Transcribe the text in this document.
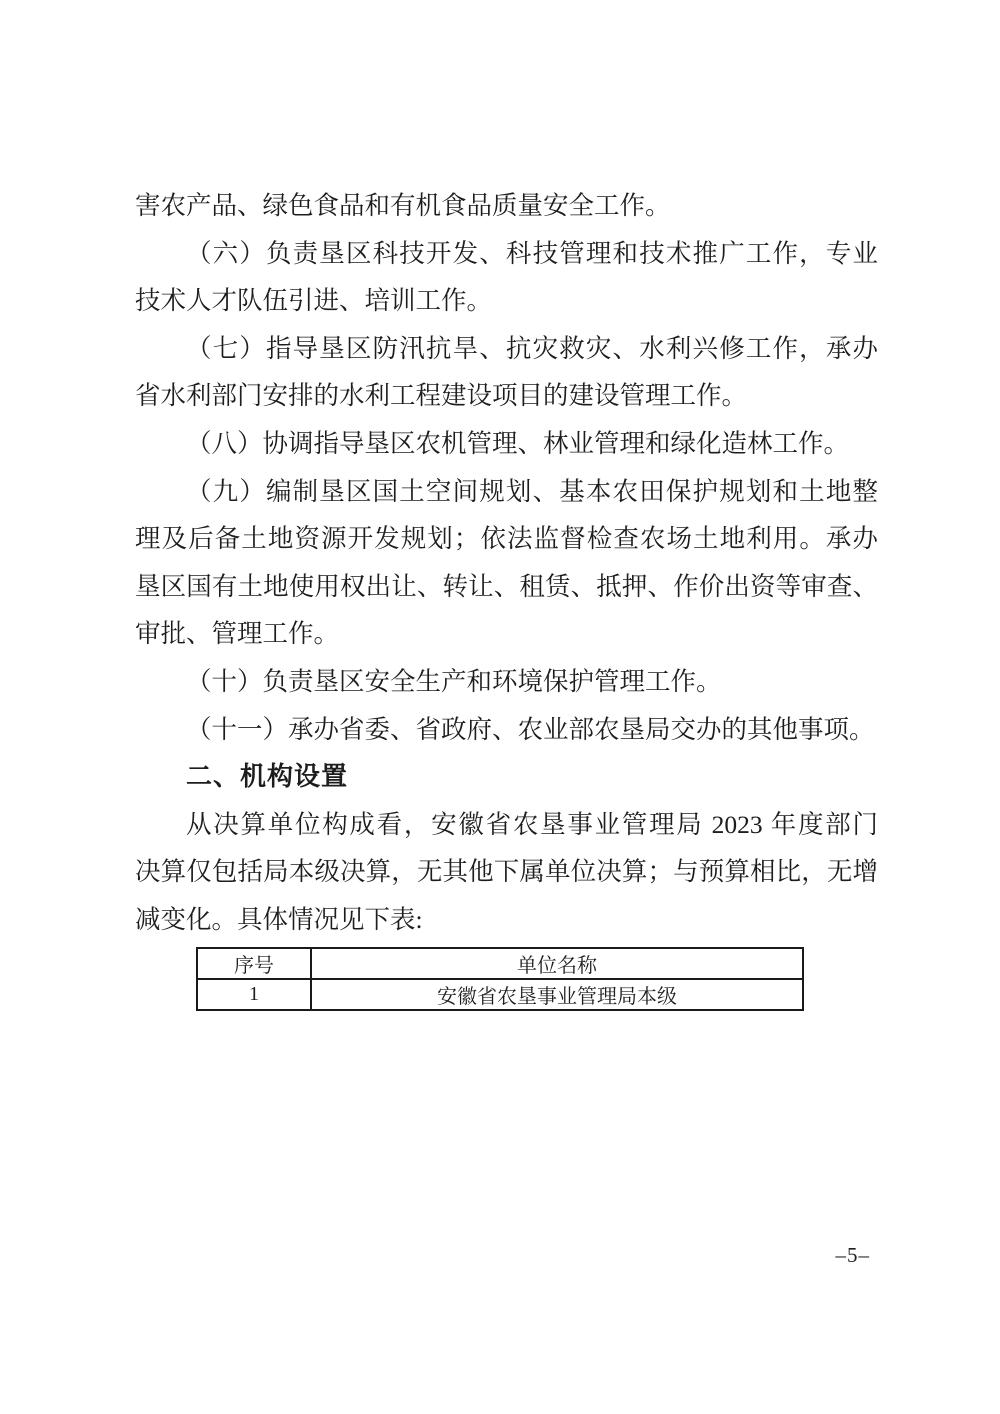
害农产品、绿色食品和有机食品质量安全工作。

（六）负责垦区科技开发、科技管理和技术推广工作，专业

技术人才队伍引进、培训工作。

（七）指导垦区防汛抗旱、抗灾救灾、水利兴修工作，承办

省水利部门安排的水利工程建设项目的建设管理工作。

（八）协调指导垦区农机管理、林业管理和绿化造林工作。

（九）编制垦区国土空间规划、基本农田保护规划和土地整

理及后备土地资源开发规划；依法监督检查农场土地利用。承办

垦区国有土地使用权出让、转让、租赁、抵押、作价出资等审查、

审批、管理工作。

（十）负责垦区安全生产和环境保护管理工作。

（十一）承办省委、省政府、农业部农垦局交办的其他事项。

二、机构设置

从决算单位构成看，安徽省农垦事业管理局 2023 年度部门

决算仅包括局本级决算，无其他下属单位决算；与预算相比，无增

减变化。具体情况见下表:

序号	单位名称
1	安徽省农垦事业管理局本级
–5–
